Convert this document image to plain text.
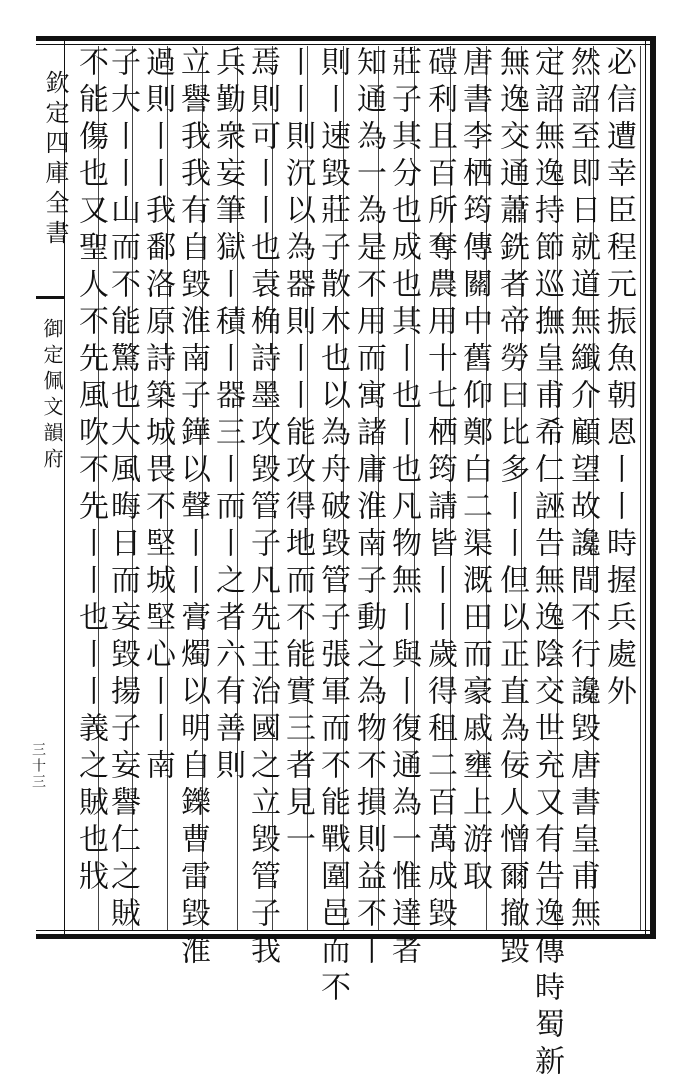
欽定四庫全書
御定佩文韻府
三十三
必信遭幸臣程元振魚朝恩丨丨時握兵處外
然詔至即日就道無纖介顧望故讒間不行讒毀唐書皇甫無
定詔無逸持節巡撫皇甫希仁誣告無逸陰交世充又有告逸傳時蜀新
無逸交通蕭銑者帝勞曰比多丨丨但以正直為佞人憎爾撤毀
唐書李栖筠傳關中舊仰鄭白二渠溉田而豪戚壅上游取
磑利且百所奪農用十七栖筠請皆丨丨歲得租二百萬成毀
莊子其分也成也其丨也丨也凡物無丨與丨復通為一惟達者
知通為一為是不用而寓諸庸淮南子動之為物不損則益不丨
則丨速毀莊子散木也以為舟破毀管子張軍而不能戰圍邑而不
丨丨則沉以為器則丨丨能攻得地而不能實三者見一
焉則可丨丨也袁桷詩墨攻毀管子凡先王治國之立毀管子我
兵勤衆妄筆獄丨積丨器三丨而丨之者六有善則
立譽我我有自毀淮南子鏵以聲丨丨膏燭以明自鑠曹雷毀淮
過則丨丨我鄱洛原詩築城畏不堅城堅心丨丨南
子大丨丨山而不能驚也大風晦日而妄毀揚子妄譽仁之賊
不能傷也又聖人不先風吹不先丨丨也丨丨義之賊也戕
